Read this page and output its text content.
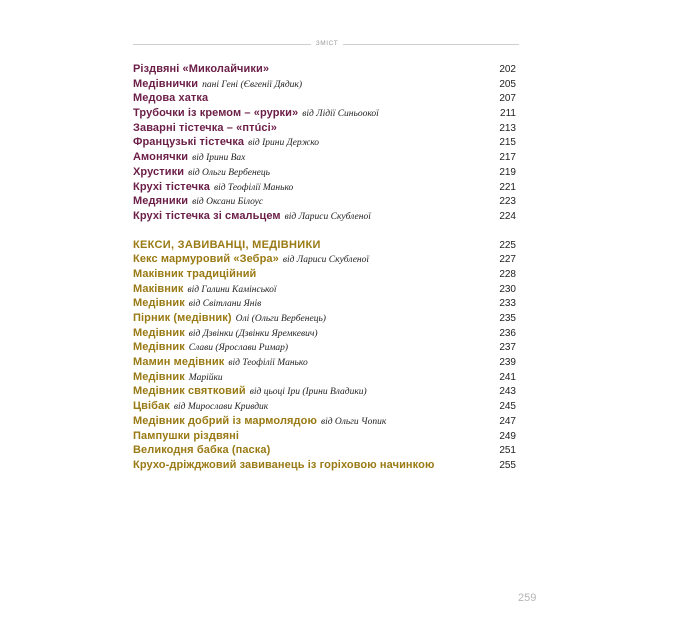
ЗМІСТ
Різдвяні «Миколайчики»	202
Медівнички пані Гені (Євгенії Дядик)	205
Медова хатка	207
Трубочки із кремом – «рурки» від Лідії Синьоокої	211
Заварні тістечка – «птúсі»	213
Французькі тістечка від Ірини Держко	215
Амонячки від Ірини Вах	217
Хрустики від Ольги Вербенець	219
Крухі тістечка від Теофілії Манько	221
Медяники від Оксани Білоус	223
Крухі тістечка зі смальцем від Лариси Скубленої	224
КЕКСИ, ЗАВИВАНЦІ, МЕДІВНИКИ	225
Кекс мармуровий «Зебра» від Лариси Скубленої	227
Маківник традиційний	228
Маківник від Галини Камінської	230
Медівник від Світлани Янів	233
Пірник (медівник) Олі (Ольги Вербенець)	235
Медівник від Дзвінки (Дзвінки Яремкевич)	236
Медівник Слави (Ярослави Римар)	237
Мамин медівник від Теофілії Манько	239
Медівник Марійки	241
Медівник святковий від цьоці Іри (Ірини Владики)	243
Цвібак від Мирослави Кривдик	245
Медівник добрий із мармолядою від Ольги Чопик	247
Пампушки різдвяні	249
Великодня бабка (паска)	251
Крухо-дріжджовий завиванець із горіховою начинкою	255
259
